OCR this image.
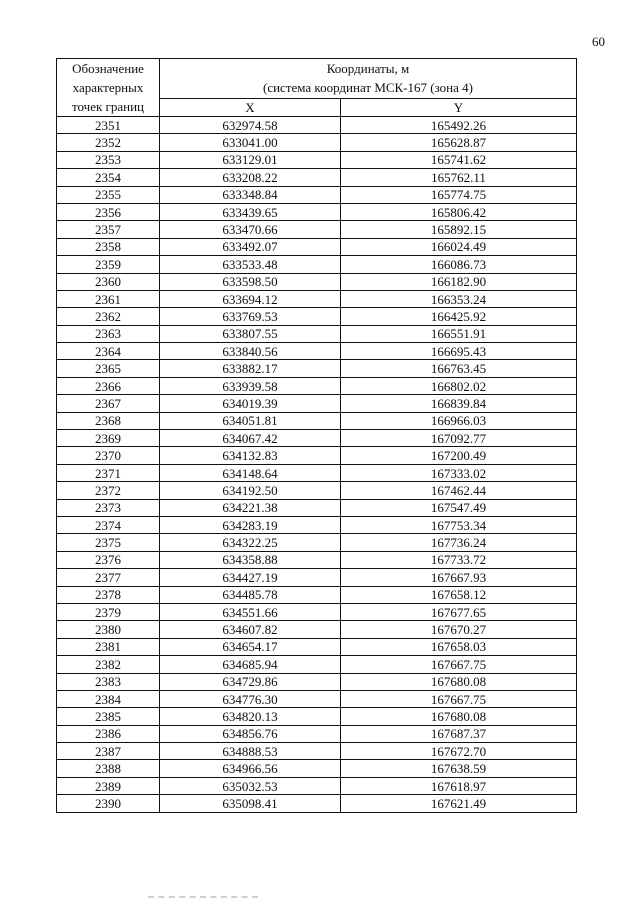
60
Обозначение
характерных
точек границ	Координаты, м
(система координат МСК-167 (зона 4)	
	X	Y
2351	632974.58	165492.26
2352	633041.00	165628.87
2353	633129.01	165741.62
2354	633208.22	165762.11
2355	633348.84	165774.75
2356	633439.65	165806.42
2357	633470.66	165892.15
2358	633492.07	166024.49
2359	633533.48	166086.73
2360	633598.50	166182.90
2361	633694.12	166353.24
2362	633769.53	166425.92
2363	633807.55	166551.91
2364	633840.56	166695.43
2365	633882.17	166763.45
2366	633939.58	166802.02
2367	634019.39	166839.84
2368	634051.81	166966.03
2369	634067.42	167092.77
2370	634132.83	167200.49
2371	634148.64	167333.02
2372	634192.50	167462.44
2373	634221.38	167547.49
2374	634283.19	167753.34
2375	634322.25	167736.24
2376	634358.88	167733.72
2377	634427.19	167667.93
2378	634485.78	167658.12
2379	634551.66	167677.65
2380	634607.82	167670.27
2381	634654.17	167658.03
2382	634685.94	167667.75
2383	634729.86	167680.08
2384	634776.30	167667.75
2385	634820.13	167680.08
2386	634856.76	167687.37
2387	634888.53	167672.70
2388	634966.56	167638.59
2389	635032.53	167618.97
2390	635098.41	167621.49
